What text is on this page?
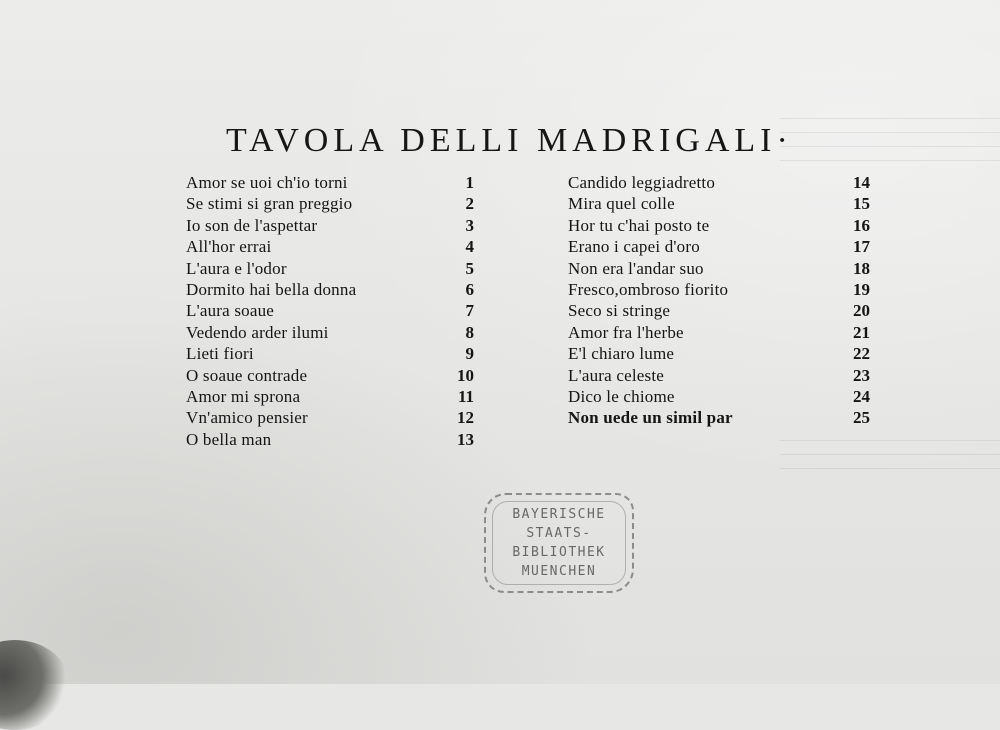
TAVOLA DELLI MADRIGALI·
Amor se uoi ch'io torni	1
Se stimi si gran preggio	2
Io son de l'aspettar	3
All'hor errai	4
L'aura e l'odor	5
Dormito hai bella donna	6
L'aura soaue	7
Vedendo arder ilumi	8
Lieti fiori	9
O soaue contrade	10
Amor mi sprona	11
Vn'amico pensier	12
O bella man	13
Candido leggiadretto	14
Mira quel colle	15
Hor tu c'hai posto te	16
Erano i capei d'oro	17
Non era l'andar suo	18
Fresco,ombroso fiorito	19
Seco si stringe	20
Amor fra l'herbe	21
E'l chiaro lume	22
L'aura celeste	23
Dico le chiome	24
Non uede un simil par	25
BAYERISCHE
STAATS-
BIBLIOTHEK
MUENCHEN
